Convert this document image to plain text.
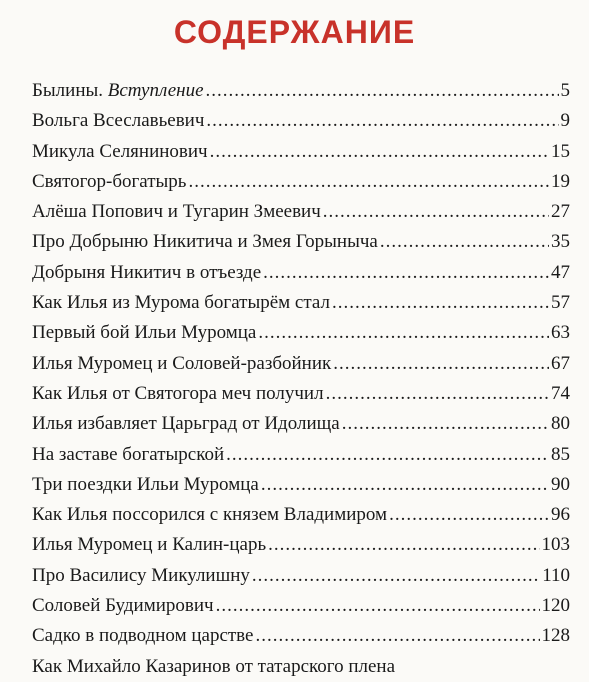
СОДЕРЖАНИЕ
Былины. Вступление .....	5
Вольга Всеславьевич .....	9
Микула Селянинович .....	15
Святогор-богатырь .....	19
Алёша Попович и Тугарин Змеевич .....	27
Про Добрыню Никитича и Змея Горыныча .....	35
Добрыня Никитич в отъезде .....	47
Как Илья из Мурома богатырём стал .....	57
Первый бой Ильи Муромца .....	63
Илья Муромец и Соловей-разбойник .....	67
Как Илья от Святогора меч получил .....	74
Илья избавляет Царьград от Идолища .....	80
На заставе богатырской .....	85
Три поездки Ильи Муромца .....	90
Как Илья поссорился с князем Владимиром .....	96
Илья Муромец и Калин-царь .....	103
Про Василису Микулишну .....	110
Соловей Будимирович .....	120
Садко в подводном царстве .....	128
Как Михайло Казаринов от татарского плена
